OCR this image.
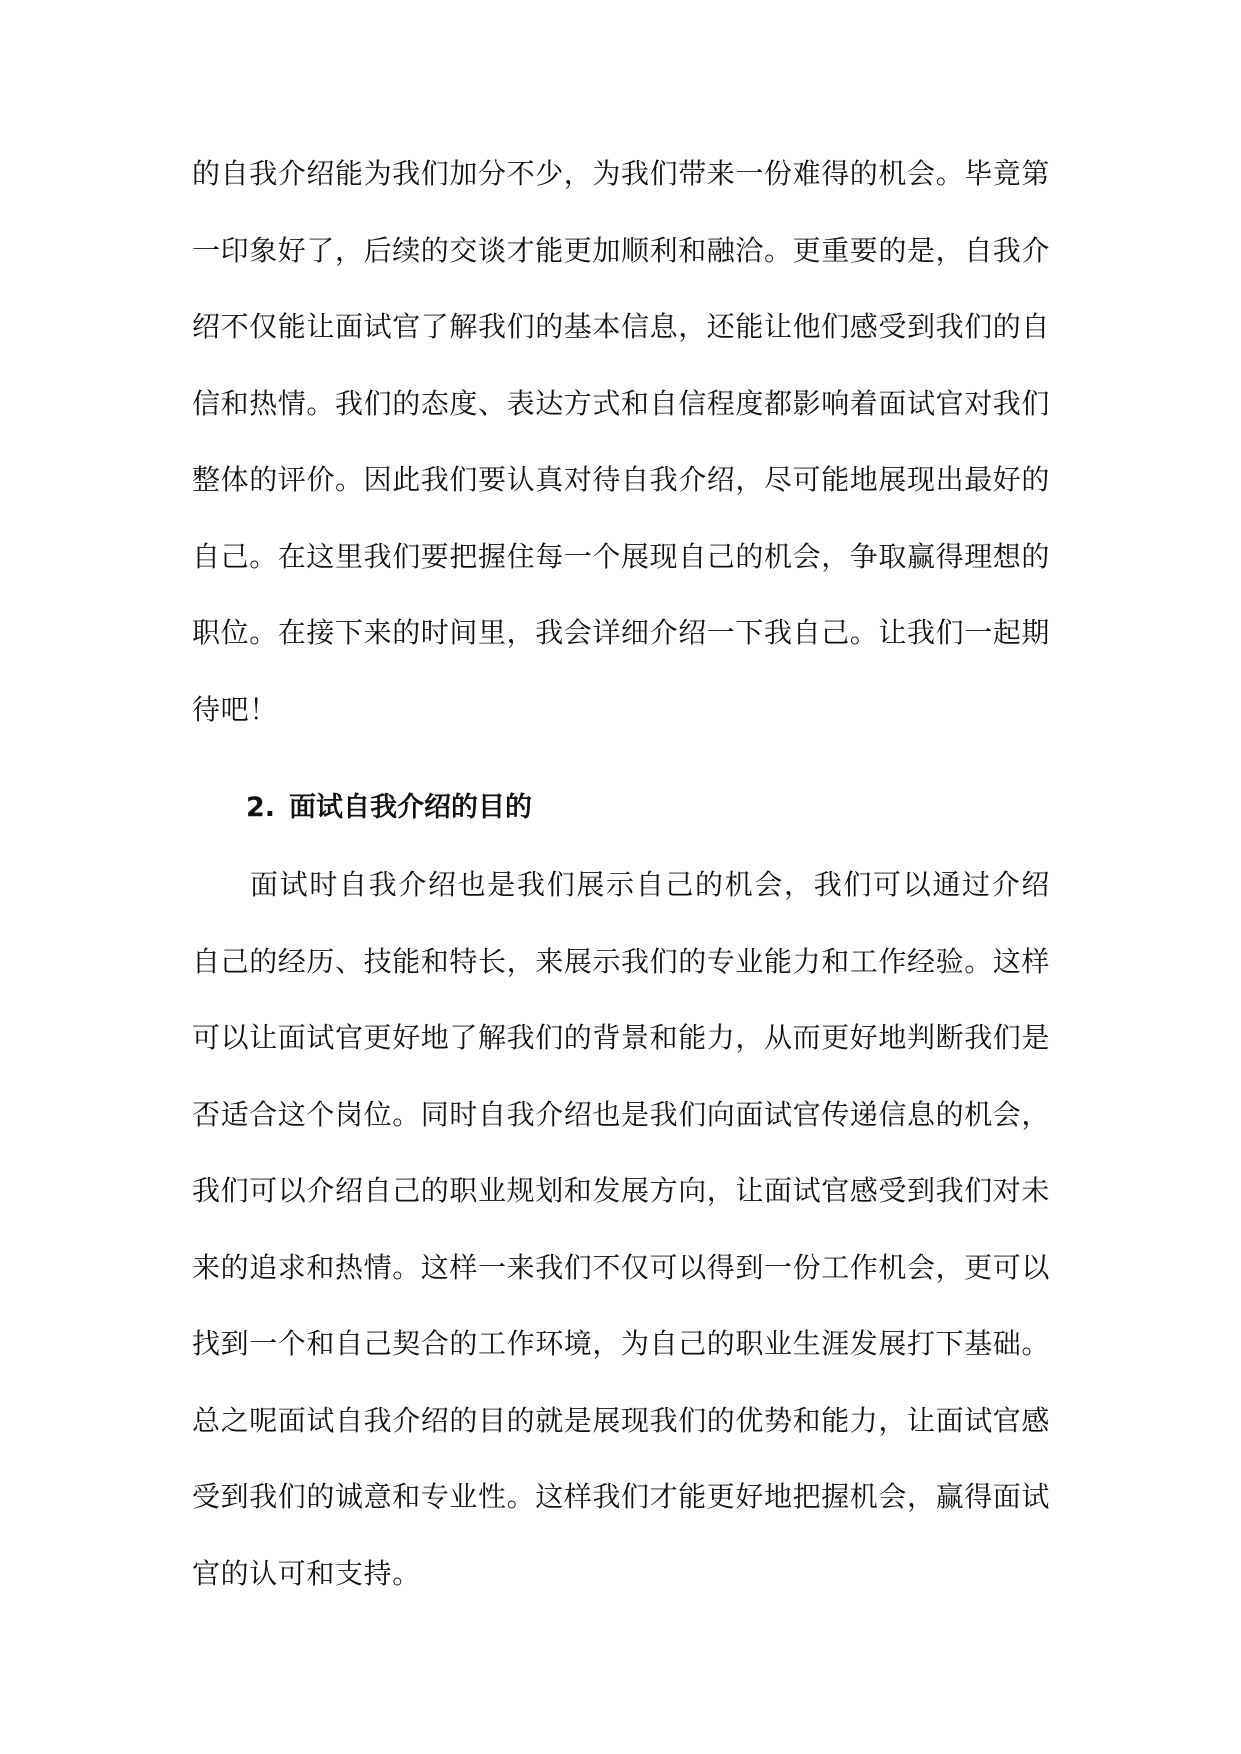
的自我介绍能为我们加分不少，为我们带来一份难得的机会。毕竟第一印象好了，后续的交谈才能更加顺利和融洽。更重要的是，自我介绍不仅能让面试官了解我们的基本信息，还能让他们感受到我们的自信和热情。我们的态度、表达方式和自信程度都影响着面试官对我们整体的评价。因此我们要认真对待自我介绍，尽可能地展现出最好的自己。在这里我们要把握住每一个展现自己的机会，争取赢得理想的职位。在接下来的时间里，我会详细介绍一下我自己。让我们一起期待吧！

2. 面试自我介绍的目的

面试时自我介绍也是我们展示自己的机会，我们可以通过介绍自己的经历、技能和特长，来展示我们的专业能力和工作经验。这样可以让面试官更好地了解我们的背景和能力，从而更好地判断我们是否适合这个岗位。同时自我介绍也是我们向面试官传递信息的机会，我们可以介绍自己的职业规划和发展方向，让面试官感受到我们对未来的追求和热情。这样一来我们不仅可以得到一份工作机会，更可以找到一个和自己契合的工作环境，为自己的职业生涯发展打下基础。总之呢面试自我介绍的目的就是展现我们的优势和能力，让面试官感受到我们的诚意和专业性。这样我们才能更好地把握机会，赢得面试官的认可和支持。
